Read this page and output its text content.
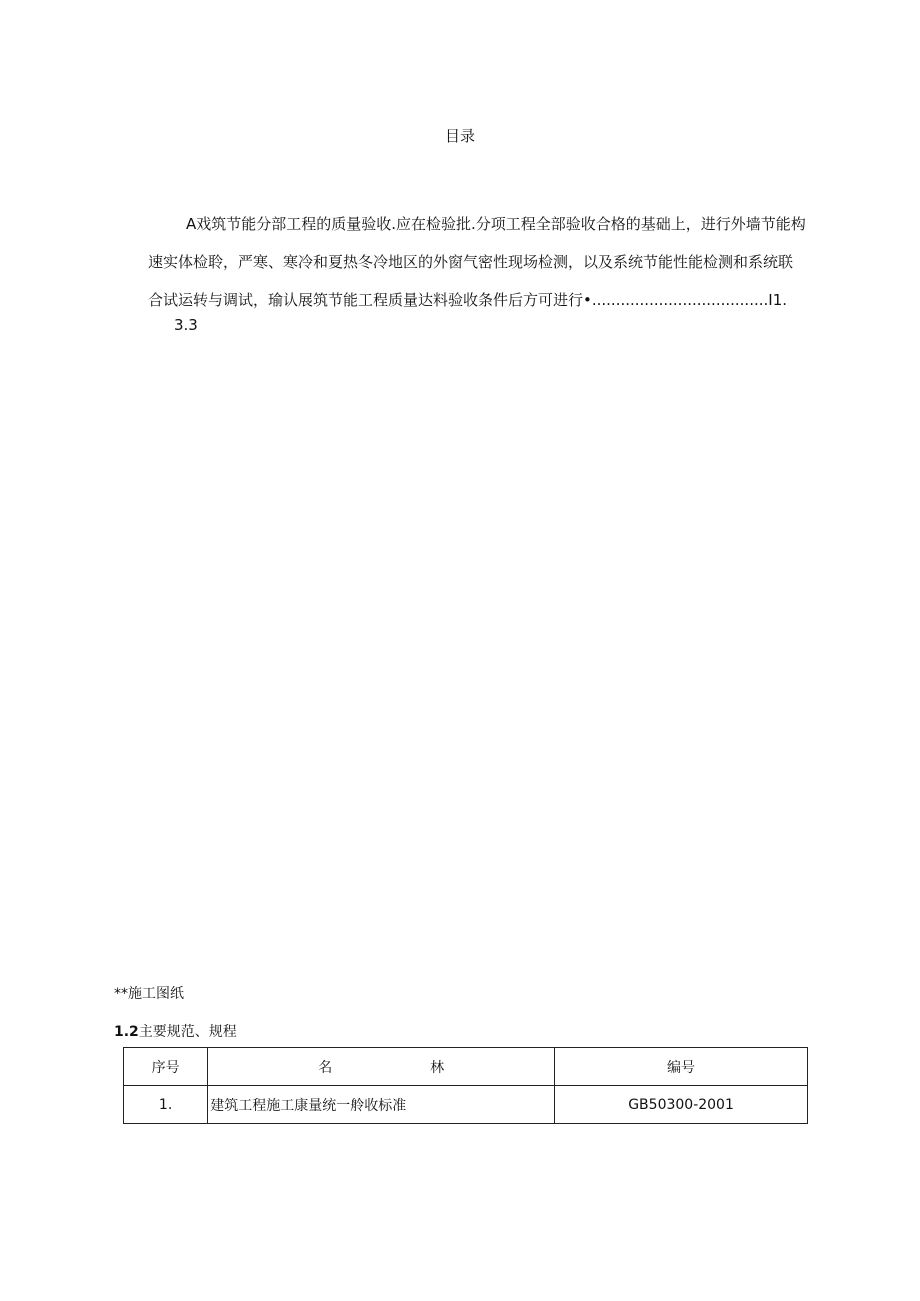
目录
A戏筑节能分部工程的质量验收.应在检验批.分项工程全部验收合格的基础上，进行外墙节能构
速实体检聆，严寒、寒冷和夏热冬冷地区的外窗气密性现场检测，以及系统节能性能检测和系统联
合试运转与调试，瑜认展筑节能工程质量达料验收条件后方可进行•.....................................I1.
3.3
**施工图纸
1.2主要规范、规程
序号	名 林	编号
1.	建筑工程施工康量统一舲收标准	GB50300-2001
